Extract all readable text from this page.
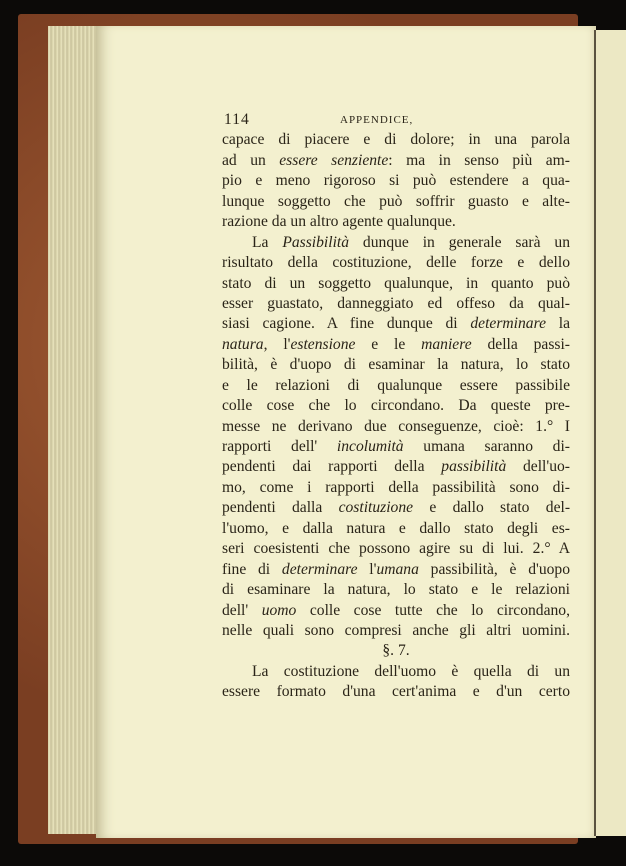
114	APPENDICE,
capace di piacere e di dolore; in una parola
ad un essere senziente: ma in senso più am-
pio e meno rigoroso si può estendere a qua-
lunque soggetto che può soffrir guasto e alte-
razione da un altro agente qualunque.
La Passibilità dunque in generale sarà un
risultato della costituzione, delle forze e dello
stato di un soggetto qualunque, in quanto può
esser guastato, danneggiato ed offeso da qual-
siasi cagione. A fine dunque di determinare la
natura, l'estensione e le maniere della passi-
bilità, è d'uopo di esaminar la natura, lo stato
e le relazioni di qualunque essere passibile
colle cose che lo circondano. Da queste pre-
messe ne derivano due conseguenze, cioè: 1.° I
rapporti dell' incolumità umana saranno di-
pendenti dai rapporti della passibilità dell'uo-
mo, come i rapporti della passibilità sono di-
pendenti dalla costituzione e dallo stato del-
l'uomo, e dalla natura e dallo stato degli es-
seri coesistenti che possono agire su di lui. 2.° A
fine di determinare l'umana passibilità, è d'uopo
di esaminare la natura, lo stato e le relazioni
dell' uomo colle cose tutte che lo circondano,
nelle quali sono compresi anche gli altri uomini.
§. 7.
La costituzione dell'uomo è quella di un
essere formato d'una cert'anima e d'un certo
